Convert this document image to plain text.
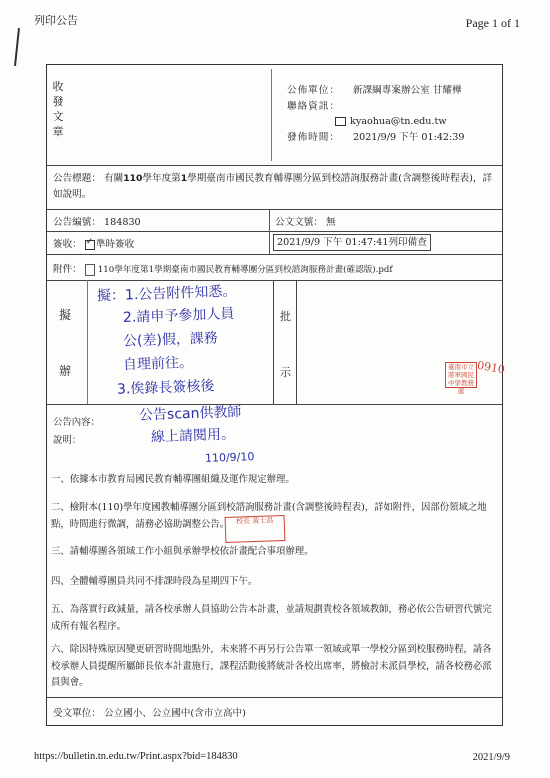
列印公告	Page 1 of 1
收發文章
公佈單位： 新課綱專案辦公室 甘耀樺
聯絡資訊：
kyaohua@tn.edu.tw
發佈時間： 2021/9/9 下午 01:42:39
公告標題： 有關110學年度第1學期臺南市國民教育輔導團分區到校諮詢服務計畫(含調整後時程表)，詳如說明。
公告編號： 184830	公文文號： 無
簽收： ✓ 準時簽收	2021/9/9 下午 01:47:41列印備查
附件： 110學年度第1學期臺南市國民教育輔導團分區到校諮詢服務計畫(確認版).pdf
擬
辦
批
示
擬：1.公告附件知悉。
2.請申予參加人員
公(差)假，課務
自理前往。
3.俟錄長簽核後
臺南市立將軍國民中學教務處
0910
公告scan供教師
線上請閱用。
110/9/10
公告內容：
說明：
一、依據本市教育局國民教育輔導團組織及運作規定辦理。
二、檢附本(110)學年度國教輔導團分區到校諮詢服務計畫(含調整後時程表)，詳如附件，因部份領域之地點，時間進行微調，請務必協助調整公告。
三、請輔導團各領域工作小組與承辦學校依計畫配合事項辦理。
四、全體輔導團員共同不排課時段為星期四下午。
五、為落實行政減量，請各校承辦人員協助公告本計畫，並請規劃貴校各領域教師，務必依公告研習代號完成所有報名程序。
六、除因特殊原因變更研習時間地點外，未來將不再另行公告單一領域或單一學校分區到校服務時程，請各校承辦人員提醒所屬師長依本計畫施行，課程活動後將統計各校出席率，將檢討未派員學校，請各校務必派員與會。
校長 黃士昌
受文單位： 公立國小、公立國中(含市立高中)
https://bulletin.tn.edu.tw/Print.aspx?bid=184830	2021/9/9
